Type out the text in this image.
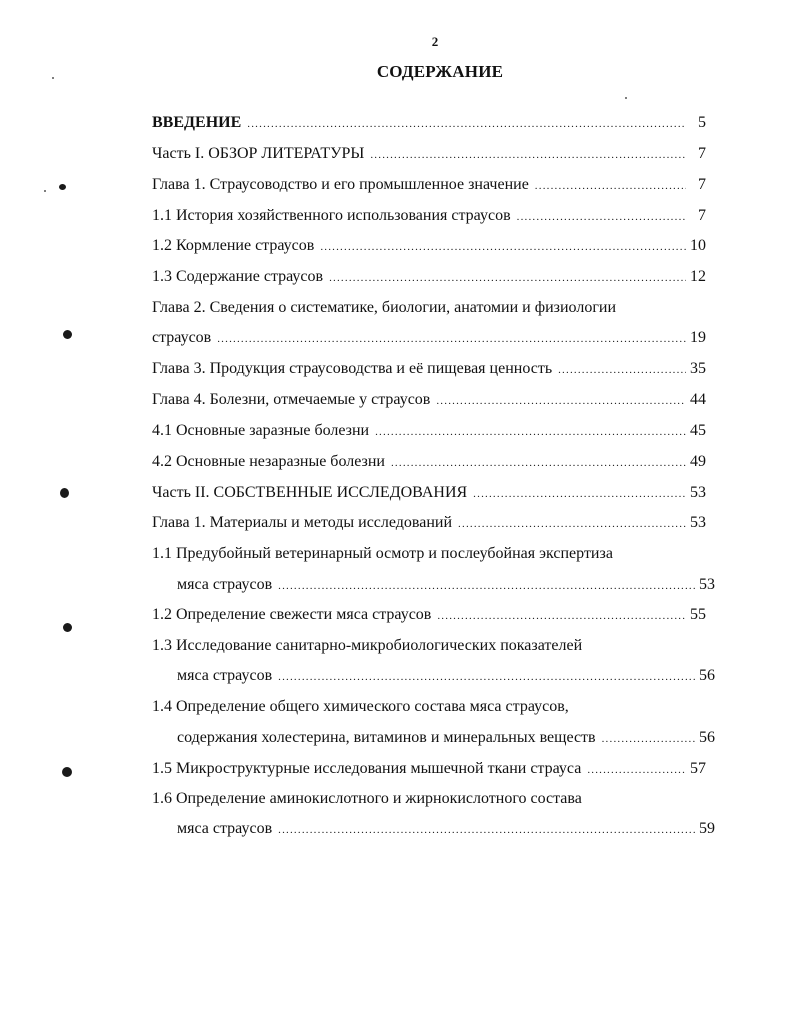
2
СОДЕРЖАНИЕ
ВВЕДЕНИЕ .....	5
Часть I. ОБЗОР ЛИТЕРАТУРЫ .....	7
Глава 1. Страусоводство и его промышленное значение .....	7
1.1 История хозяйственного использования страусов .....	7
1.2 Кормление страусов .....	10
1.3 Содержание страусов .....	12
Глава 2. Сведения о систематике, биологии, анатомии и физиологии
страусов .....	19
Глава 3. Продукция страусоводства и её пищевая ценность .....	35
Глава 4. Болезни, отмечаемые у страусов .....	44
4.1 Основные заразные болезни .....	45
4.2 Основные незаразные болезни .....	49
Часть II. СОБСТВЕННЫЕ ИССЛЕДОВАНИЯ .....	53
Глава 1. Материалы и методы исследований .....	53
1.1 Предубойный ветеринарный осмотр и послеубойная экспертиза
мяса страусов .....	53
1.2 Определение свежести мяса страусов .....	55
1.3 Исследование санитарно-микробиологических показателей
мяса страусов .....	56
1.4 Определение общего химического состава мяса страусов,
содержания холестерина, витаминов и минеральных веществ .....	56
1.5 Микроструктурные исследования мышечной ткани страуса .....	57
1.6 Определение аминокислотного и жирнокислотного состава
мяса страусов .....	59
